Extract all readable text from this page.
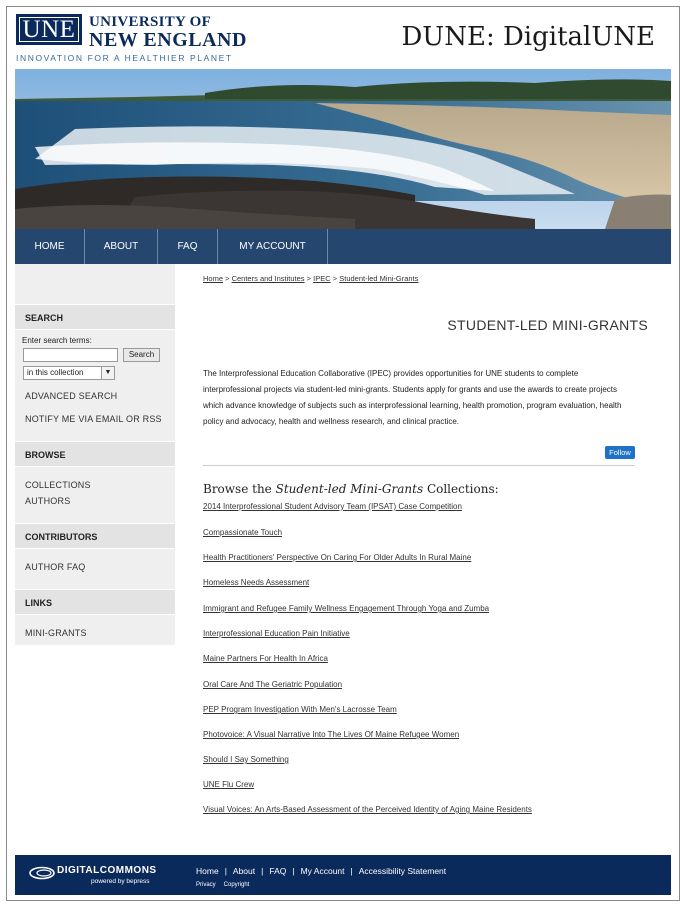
UNE UNIVERSITY OF
NEW ENGLAND
INNOVATION FOR A HEALTHIER PLANET
DUNE: DigitalUNE
HOME	ABOUT	FAQ	MY ACCOUNT
SEARCH
Enter search terms:
Search
in this collection	▼
ADVANCED SEARCH
NOTIFY ME VIA EMAIL OR RSS
BROWSE
COLLECTIONS
AUTHORS
CONTRIBUTORS
AUTHOR FAQ
LINKS
MINI-GRANTS
Home > Centers and Institutes > IPEC > Student-led Mini-Grants
STUDENT-LED MINI-GRANTS
The Interprofessional Education Collaborative (IPEC) provides opportunities for UNE students to complete interprofessional projects via student-led mini-grants. Students apply for grants and use the awards to create projects which advance knowledge of subjects such as interprofessional learning, health promotion, program evaluation, health policy and advocacy, health and wellness research, and clinical practice.
Follow
Browse the Student-led Mini-Grants Collections:
2014 Interprofessional Student Advisory Team (IPSAT) Case Competition
Compassionate Touch
Health Practitioners' Perspective On Caring For Older Adults In Rural Maine
Homeless Needs Assessment
Immigrant and Refugee Family Wellness Engagement Through Yoga and Zumba
Interprofessional Education Pain Initiative
Maine Partners For Health In Africa
Oral Care And The Geriatric Population
PEP Program Investigation With Men's Lacrosse Team
Photovoice: A Visual Narrative Into The Lives Of Maine Refugee Women
Should I Say Something
UNE Flu Crew
Visual Voices: An Arts-Based Assessment of the Perceived Identity of Aging Maine Residents
DIGITALCOMMONS
powered by bepress
Home | About | FAQ | My Account | Accessibility Statement
Privacy Copyright
